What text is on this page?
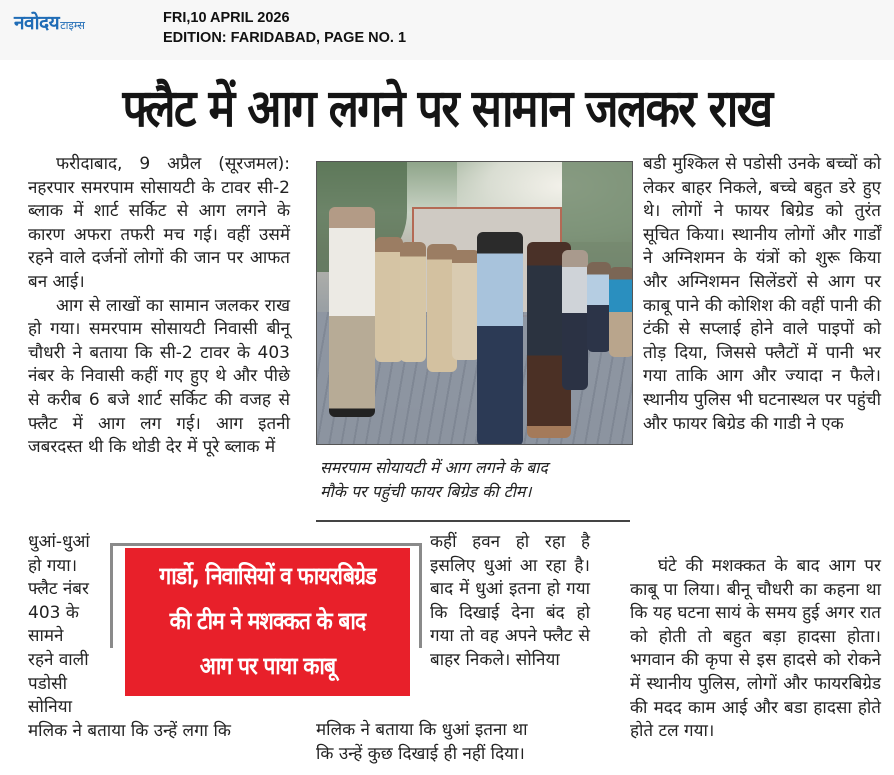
नवोदय टाइम्स	FRI,10 APRIL 2026
EDITION: FARIDABAD, PAGE NO. 1
फ्लैट में आग लगने पर सामान जलकर राख

फरीदाबाद, 9 अप्रैल (सूरजमल): नहरपार समरपाम सोसायटी के टावर सी-2 ब्लाक में शार्ट सर्किट से आग लगने के कारण अफरा तफरी मच गई। वहीं उसमें रहने वाले दर्जनों लोगों की जान पर आफत बन आई।

आग से लाखों का सामान जलकर राख हो गया। समरपाम सोसायटी निवासी बीनू चौधरी ने बताया कि सी-2 टावर के 403 नंबर के निवासी कहीं गए हुए थे और पीछे से करीब 6 बजे शार्ट सर्किट की वजह से फ्लैट में आग लग गई। आग इतनी जबरदस्त थी कि थोडी देर में पूरे ब्लाक में

धुआं-धुआं
हो गया।
फ्लैट नंबर
403 के
सामने
रहने वाली
पडोसी
सोनिया
मलिक ने बताया कि उन्हें लगा कि
समरपाम सोयायटी में आग लगने के बाद
मौके पर पहुंची फायर बिग्रेड की टीम।

बडी मुश्किल से पडोसी उनके बच्चों को लेकर बाहर निकले, बच्चे बहुत डरे हुए थे। लोगों ने फायर बिग्रेड को तुरंत सूचित किया। स्थानीय लोगों और गार्डों ने अग्निशमन के यंत्रों को शुरू किया और अग्निशमन सिलेंडरों से आग पर काबू पाने की कोशिश की वहीं पानी की टंकी से सप्लाई होने वाले पाइपों को तोड़ दिया, जिससे फ्लैटों में पानी भर गया ताकि आग और ज्यादा न फैले। स्थानीय पुलिस भी घटनास्थल पर पहुंची और फायर बिग्रेड की गाडी ने एक

घंटे की मशक्कत के बाद आग पर काबू पा लिया। बीनू चौधरी का कहना था कि यह घटना सायं के समय हुई अगर रात को होती तो बहुत बड़ा हादसा होता। भगवान की कृपा से इस हादसे को रोकने में स्थानीय पुलिस, लोगों और फायरबिग्रेड की मदद काम आई और बडा हादसा होते होते टल गया।

गार्डो, निवासियों व फायरबिग्रेड
की टीम ने मशक्कत के बाद
आग पर पाया काबू

कहीं हवन हो रहा है इसलिए धुआं आ रहा है। बाद में धुआं इतना हो गया कि दिखाई देना बंद हो गया तो वह अपने फ्लैट से बाहर निकले। सोनिया

मलिक ने बताया कि धुआं इतना था

कि उन्हें कुछ दिखाई ही नहीं दिया।
